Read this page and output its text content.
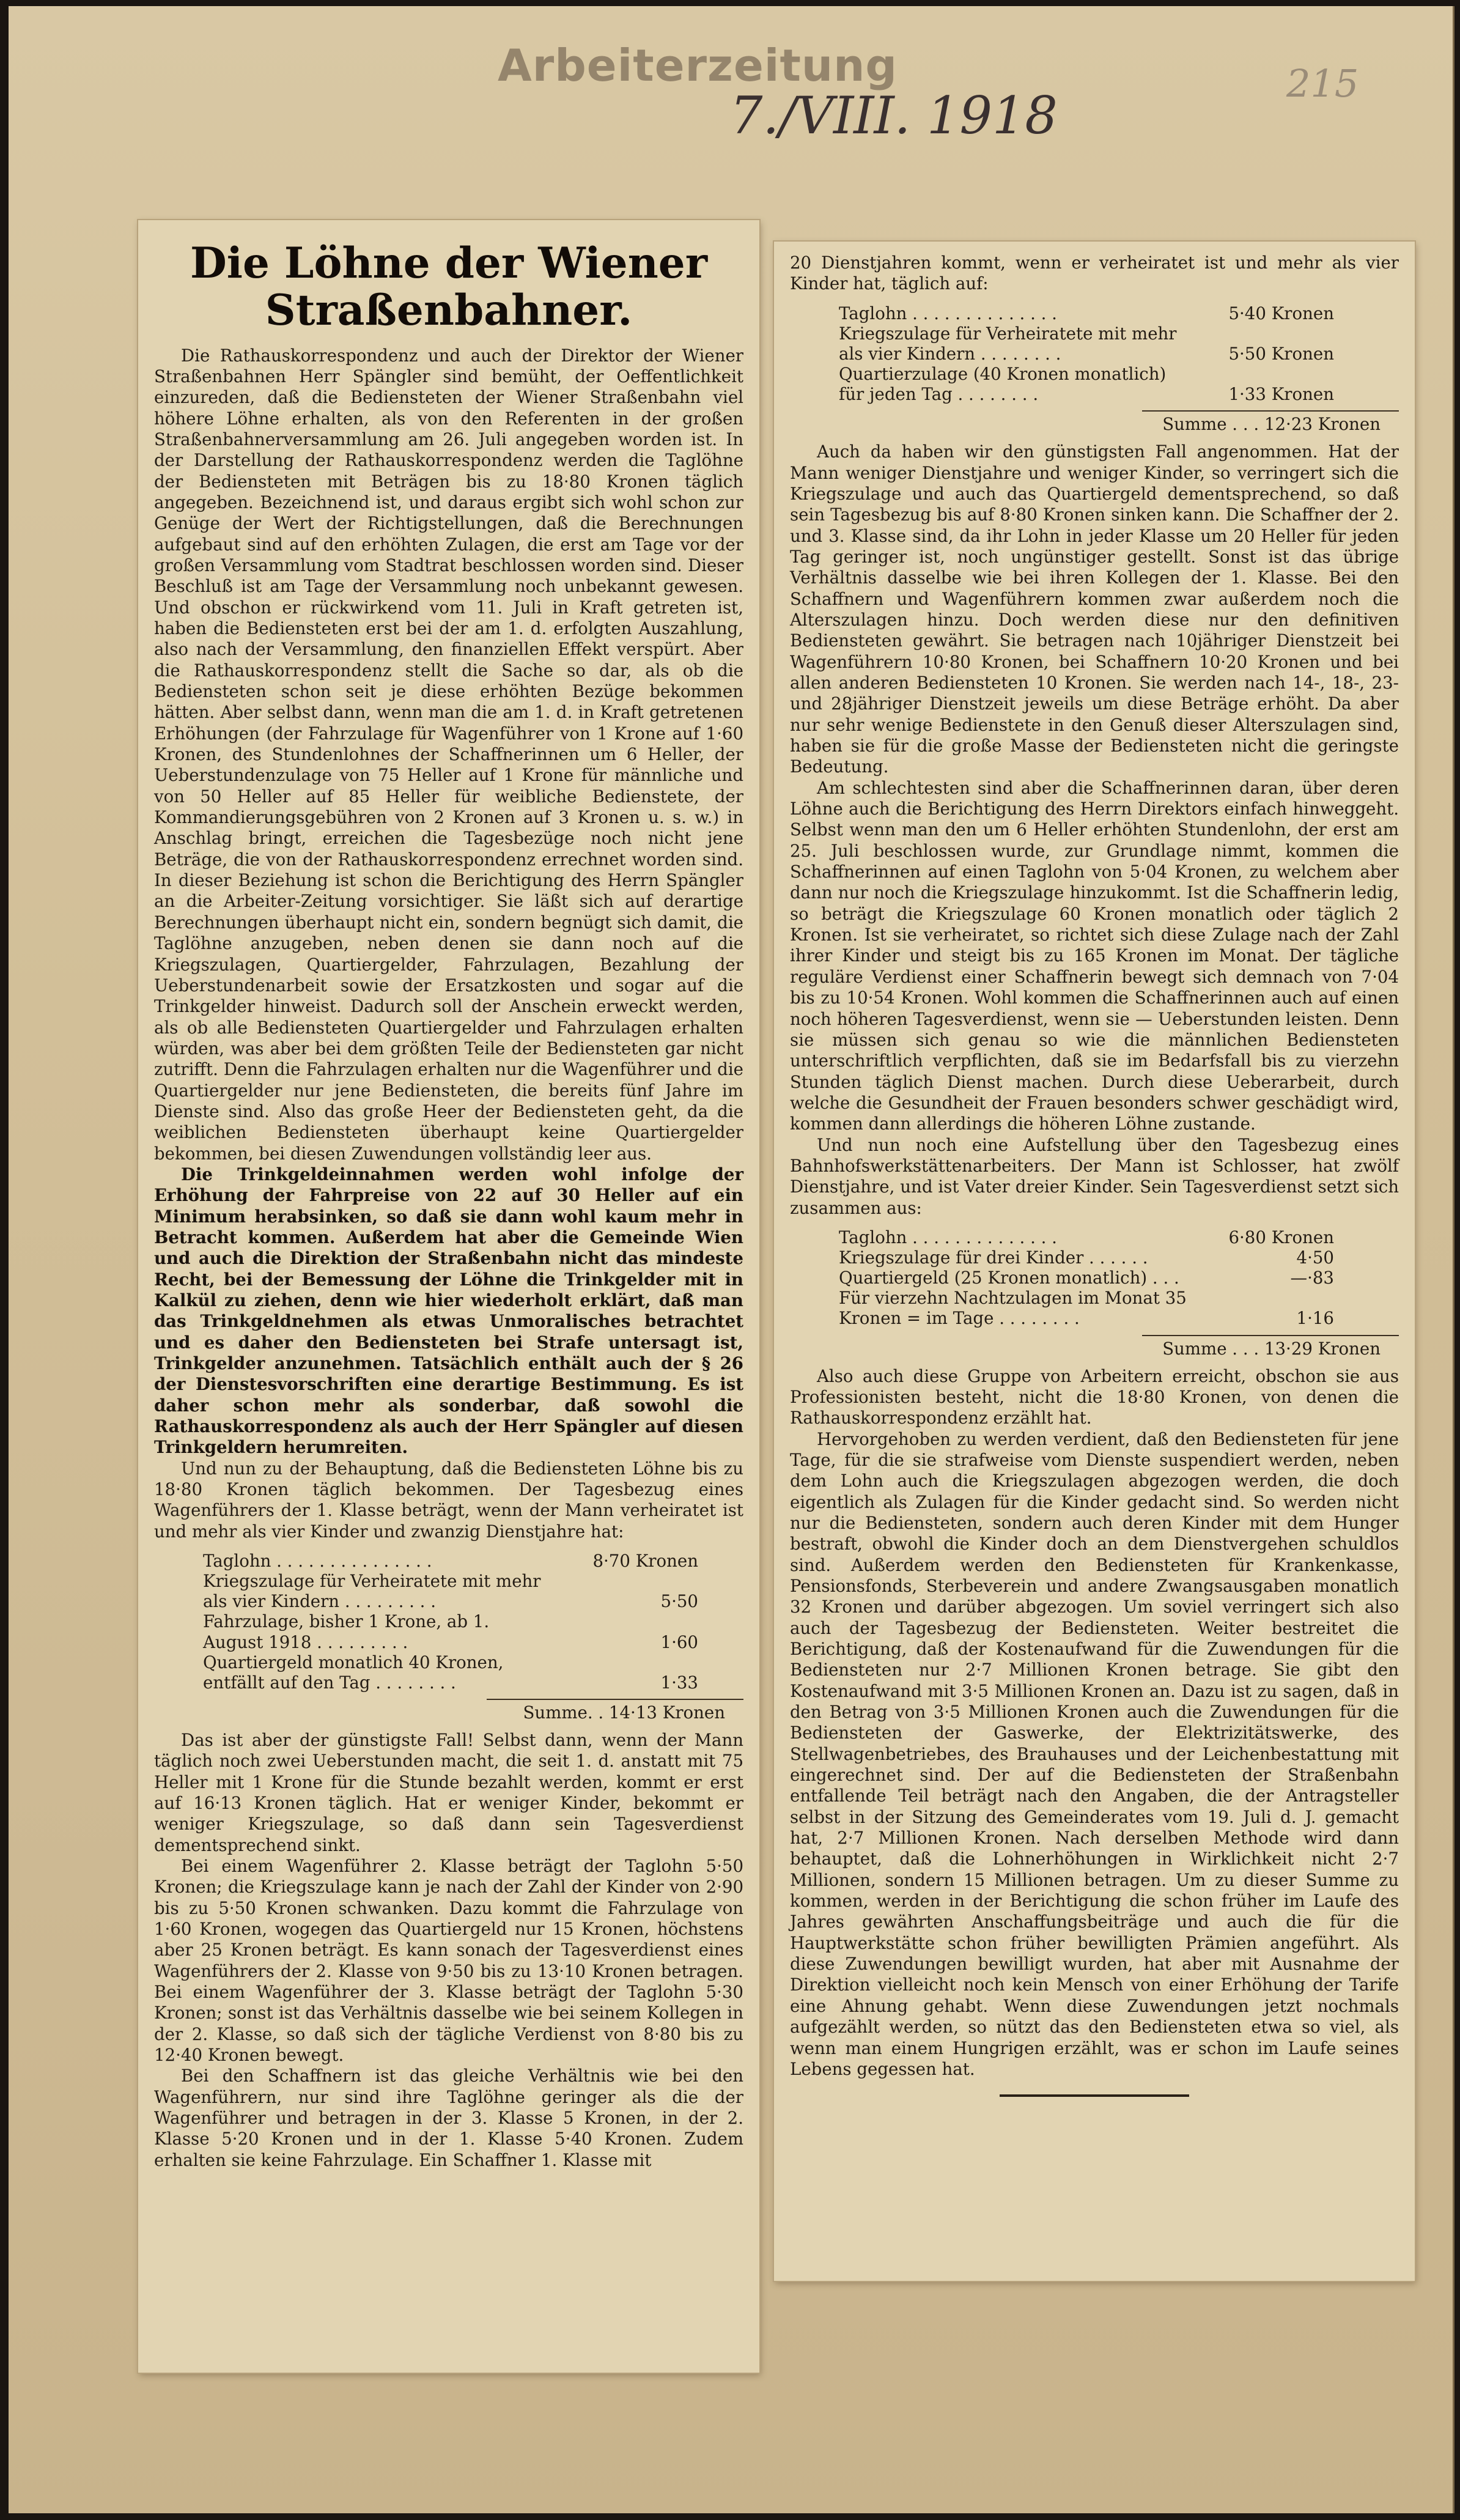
Arbeiterzeitung
7./VIII. 1918
215
Die Löhne der Wiener Straßenbahner.

Die Rathauskorrespondenz und auch der Direktor der Wiener Straßenbahnen Herr Spängler sind bemüht, der Oeffentlichkeit einzureden, daß die Bediensteten der Wiener Straßenbahn viel höhere Löhne erhalten, als von den Referenten in der großen Straßenbahnerversammlung am 26. Juli angegeben worden ist. In der Darstellung der Rathauskorrespondenz werden die Taglöhne der Bediensteten mit Beträgen bis zu 18·80 Kronen täglich angegeben. Bezeichnend ist, und daraus ergibt sich wohl schon zur Genüge der Wert der Richtigstellungen, daß die Berechnungen aufgebaut sind auf den erhöhten Zulagen, die erst am Tage vor der großen Versammlung vom Stadtrat beschlossen worden sind. Dieser Beschluß ist am Tage der Versammlung noch unbekannt gewesen. Und obschon er rückwirkend vom 11. Juli in Kraft getreten ist, haben die Bediensteten erst bei der am 1. d. erfolgten Auszahlung, also nach der Versammlung, den finanziellen Effekt verspürt. Aber die Rathauskorrespondenz stellt die Sache so dar, als ob die Bediensteten schon seit je diese erhöhten Bezüge bekommen hätten. Aber selbst dann, wenn man die am 1. d. in Kraft getretenen Erhöhungen (der Fahrzulage für Wagenführer von 1 Krone auf 1·60 Kronen, des Stundenlohnes der Schaffnerinnen um 6 Heller, der Ueberstundenzulage von 75 Heller auf 1 Krone für männliche und von 50 Heller auf 85 Heller für weibliche Bedienstete, der Kommandierungsgebühren von 2 Kronen auf 3 Kronen u. s. w.) in Anschlag bringt, erreichen die Tagesbezüge noch nicht jene Beträge, die von der Rathauskorrespondenz errechnet worden sind. In dieser Beziehung ist schon die Berichtigung des Herrn Spängler an die Arbeiter-Zeitung vorsichtiger. Sie läßt sich auf derartige Berechnungen überhaupt nicht ein, sondern begnügt sich damit, die Taglöhne anzugeben, neben denen sie dann noch auf die Kriegszulagen, Quartiergelder, Fahrzulagen, Bezahlung der Ueberstundenarbeit sowie der Ersatzkosten und sogar auf die Trinkgelder hinweist. Dadurch soll der Anschein erweckt werden, als ob alle Bediensteten Quartiergelder und Fahrzulagen erhalten würden, was aber bei dem größten Teile der Bediensteten gar nicht zutrifft. Denn die Fahrzulagen erhalten nur die Wagenführer und die Quartiergelder nur jene Bediensteten, die bereits fünf Jahre im Dienste sind. Also das große Heer der Bediensteten geht, da die weiblichen Bediensteten überhaupt keine Quartiergelder bekommen, bei diesen Zuwendungen vollständig leer aus.

Die Trinkgeldeinnahmen werden wohl infolge der Erhöhung der Fahrpreise von 22 auf 30 Heller auf ein Minimum herabsinken, so daß sie dann wohl kaum mehr in Betracht kommen. Außerdem hat aber die Gemeinde Wien und auch die Direktion der Straßenbahn nicht das mindeste Recht, bei der Bemessung der Löhne die Trinkgelder mit in Kalkül zu ziehen, denn wie hier wiederholt erklärt, daß man das Trinkgeldnehmen als etwas Unmoralisches betrachtet und es daher den Bediensteten bei Strafe untersagt ist, Trinkgelder anzunehmen. Tatsächlich enthält auch der § 26 der Dienstesvorschriften eine derartige Bestimmung. Es ist daher schon mehr als sonderbar, daß sowohl die Rathauskorrespondenz als auch der Herr Spängler auf diesen Trinkgeldern herumreiten.

Und nun zu der Behauptung, daß die Bediensteten Löhne bis zu 18·80 Kronen täglich bekommen. Der Tagesbezug eines Wagenführers der 1. Klasse beträgt, wenn der Mann verheiratet ist und mehr als vier Kinder und zwanzig Dienstjahre hat:

Taglohn . . . . . . . . . . . . . . .	8·70 Kronen
Kriegszulage für Verheiratete mit mehr als vier Kindern . . . . . . . . .	5·50
Fahrzulage, bisher 1 Krone, ab 1. August 1918 . . . . . . . . .	1·60
Quartiergeld monatlich 40 Kronen, entfällt auf den Tag . . . . . . . .	1·33
Summe. . 14·13 Kronen

Das ist aber der günstigste Fall! Selbst dann, wenn der Mann täglich noch zwei Ueberstunden macht, die seit 1. d. anstatt mit 75 Heller mit 1 Krone für die Stunde bezahlt werden, kommt er erst auf 16·13 Kronen täglich. Hat er weniger Kinder, bekommt er weniger Kriegszulage, so daß dann sein Tagesverdienst dementsprechend sinkt.

Bei einem Wagenführer 2. Klasse beträgt der Taglohn 5·50 Kronen; die Kriegszulage kann je nach der Zahl der Kinder von 2·90 bis zu 5·50 Kronen schwanken. Dazu kommt die Fahrzulage von 1·60 Kronen, wogegen das Quartiergeld nur 15 Kronen, höchstens aber 25 Kronen beträgt. Es kann sonach der Tagesverdienst eines Wagenführers der 2. Klasse von 9·50 bis zu 13·10 Kronen betragen. Bei einem Wagenführer der 3. Klasse beträgt der Taglohn 5·30 Kronen; sonst ist das Verhältnis dasselbe wie bei seinem Kollegen in der 2. Klasse, so daß sich der tägliche Verdienst von 8·80 bis zu 12·40 Kronen bewegt.

Bei den Schaffnern ist das gleiche Verhältnis wie bei den Wagenführern, nur sind ihre Taglöhne geringer als die der Wagenführer und betragen in der 3. Klasse 5 Kronen, in der 2. Klasse 5·20 Kronen und in der 1. Klasse 5·40 Kronen. Zudem erhalten sie keine Fahrzulage. Ein Schaffner 1. Klasse mit

20 Dienstjahren kommt, wenn er verheiratet ist und mehr als vier Kinder hat, täglich auf:

Taglohn . . . . . . . . . . . . . .	5·40 Kronen
Kriegszulage für Verheiratete mit mehr als vier Kindern . . . . . . . .	5·50 Kronen
Quartierzulage (40 Kronen monatlich) für jeden Tag . . . . . . . .	1·33 Kronen
Summe . . . 12·23 Kronen

Auch da haben wir den günstigsten Fall angenommen. Hat der Mann weniger Dienstjahre und weniger Kinder, so verringert sich die Kriegszulage und auch das Quartiergeld dementsprechend, so daß sein Tagesbezug bis auf 8·80 Kronen sinken kann. Die Schaffner der 2. und 3. Klasse sind, da ihr Lohn in jeder Klasse um 20 Heller für jeden Tag geringer ist, noch ungünstiger gestellt. Sonst ist das übrige Verhältnis dasselbe wie bei ihren Kollegen der 1. Klasse. Bei den Schaffnern und Wagenführern kommen zwar außerdem noch die Alterszulagen hinzu. Doch werden diese nur den definitiven Bediensteten gewährt. Sie betragen nach 10jähriger Dienstzeit bei Wagenführern 10·80 Kronen, bei Schaffnern 10·20 Kronen und bei allen anderen Bediensteten 10 Kronen. Sie werden nach 14-, 18-, 23- und 28jähriger Dienstzeit jeweils um diese Beträge erhöht. Da aber nur sehr wenige Bedienstete in den Genuß dieser Alterszulagen sind, haben sie für die große Masse der Bediensteten nicht die geringste Bedeutung.

Am schlechtesten sind aber die Schaffnerinnen daran, über deren Löhne auch die Berichtigung des Herrn Direktors einfach hinweggeht. Selbst wenn man den um 6 Heller erhöhten Stundenlohn, der erst am 25. Juli beschlossen wurde, zur Grundlage nimmt, kommen die Schaffnerinnen auf einen Taglohn von 5·04 Kronen, zu welchem aber dann nur noch die Kriegszulage hinzukommt. Ist die Schaffnerin ledig, so beträgt die Kriegszulage 60 Kronen monatlich oder täglich 2 Kronen. Ist sie verheiratet, so richtet sich diese Zulage nach der Zahl ihrer Kinder und steigt bis zu 165 Kronen im Monat. Der tägliche reguläre Verdienst einer Schaffnerin bewegt sich demnach von 7·04 bis zu 10·54 Kronen. Wohl kommen die Schaffnerinnen auch auf einen noch höheren Tagesverdienst, wenn sie — Ueberstunden leisten. Denn sie müssen sich genau so wie die männlichen Bediensteten unterschriftlich verpflichten, daß sie im Bedarfsfall bis zu vierzehn Stunden täglich Dienst machen. Durch diese Ueberarbeit, durch welche die Gesundheit der Frauen besonders schwer geschädigt wird, kommen dann allerdings die höheren Löhne zustande.

Und nun noch eine Aufstellung über den Tagesbezug eines Bahnhofswerkstättenarbeiters. Der Mann ist Schlosser, hat zwölf Dienstjahre, und ist Vater dreier Kinder. Sein Tagesverdienst setzt sich zusammen aus:

Taglohn . . . . . . . . . . . . . .	6·80 Kronen
Kriegszulage für drei Kinder . . . . . .	4·50
Quartiergeld (25 Kronen monatlich) . . .	—·83
Für vierzehn Nachtzulagen im Monat 35 Kronen = im Tage . . . . . . . .	1·16
Summe . . . 13·29 Kronen

Also auch diese Gruppe von Arbeitern erreicht, obschon sie aus Professionisten besteht, nicht die 18·80 Kronen, von denen die Rathauskorrespondenz erzählt hat.

Hervorgehoben zu werden verdient, daß den Bediensteten für jene Tage, für die sie strafweise vom Dienste suspendiert werden, neben dem Lohn auch die Kriegszulagen abgezogen werden, die doch eigentlich als Zulagen für die Kinder gedacht sind. So werden nicht nur die Bediensteten, sondern auch deren Kinder mit dem Hunger bestraft, obwohl die Kinder doch an dem Dienstvergehen schuldlos sind. Außerdem werden den Bediensteten für Krankenkasse, Pensionsfonds, Sterbeverein und andere Zwangsausgaben monatlich 32 Kronen und darüber abgezogen. Um soviel verringert sich also auch der Tagesbezug der Bediensteten. Weiter bestreitet die Berichtigung, daß der Kostenaufwand für die Zuwendungen für die Bediensteten nur 2·7 Millionen Kronen betrage. Sie gibt den Kostenaufwand mit 3·5 Millionen Kronen an. Dazu ist zu sagen, daß in den Betrag von 3·5 Millionen Kronen auch die Zuwendungen für die Bediensteten der Gaswerke, der Elektrizitätswerke, des Stellwagenbetriebes, des Brauhauses und der Leichenbestattung mit eingerechnet sind. Der auf die Bediensteten der Straßenbahn entfallende Teil beträgt nach den Angaben, die der Antragsteller selbst in der Sitzung des Gemeinderates vom 19. Juli d. J. gemacht hat, 2·7 Millionen Kronen. Nach derselben Methode wird dann behauptet, daß die Lohnerhöhungen in Wirklichkeit nicht 2·7 Millionen, sondern 15 Millionen betragen. Um zu dieser Summe zu kommen, werden in der Berichtigung die schon früher im Laufe des Jahres gewährten Anschaffungsbeiträge und auch die für die Hauptwerkstätte schon früher bewilligten Prämien angeführt. Als diese Zuwendungen bewilligt wurden, hat aber mit Ausnahme der Direktion vielleicht noch kein Mensch von einer Erhöhung der Tarife eine Ahnung gehabt. Wenn diese Zuwendungen jetzt nochmals aufgezählt werden, so nützt das den Bediensteten etwa so viel, als wenn man einem Hungrigen erzählt, was er schon im Laufe seines Lebens gegessen hat.
